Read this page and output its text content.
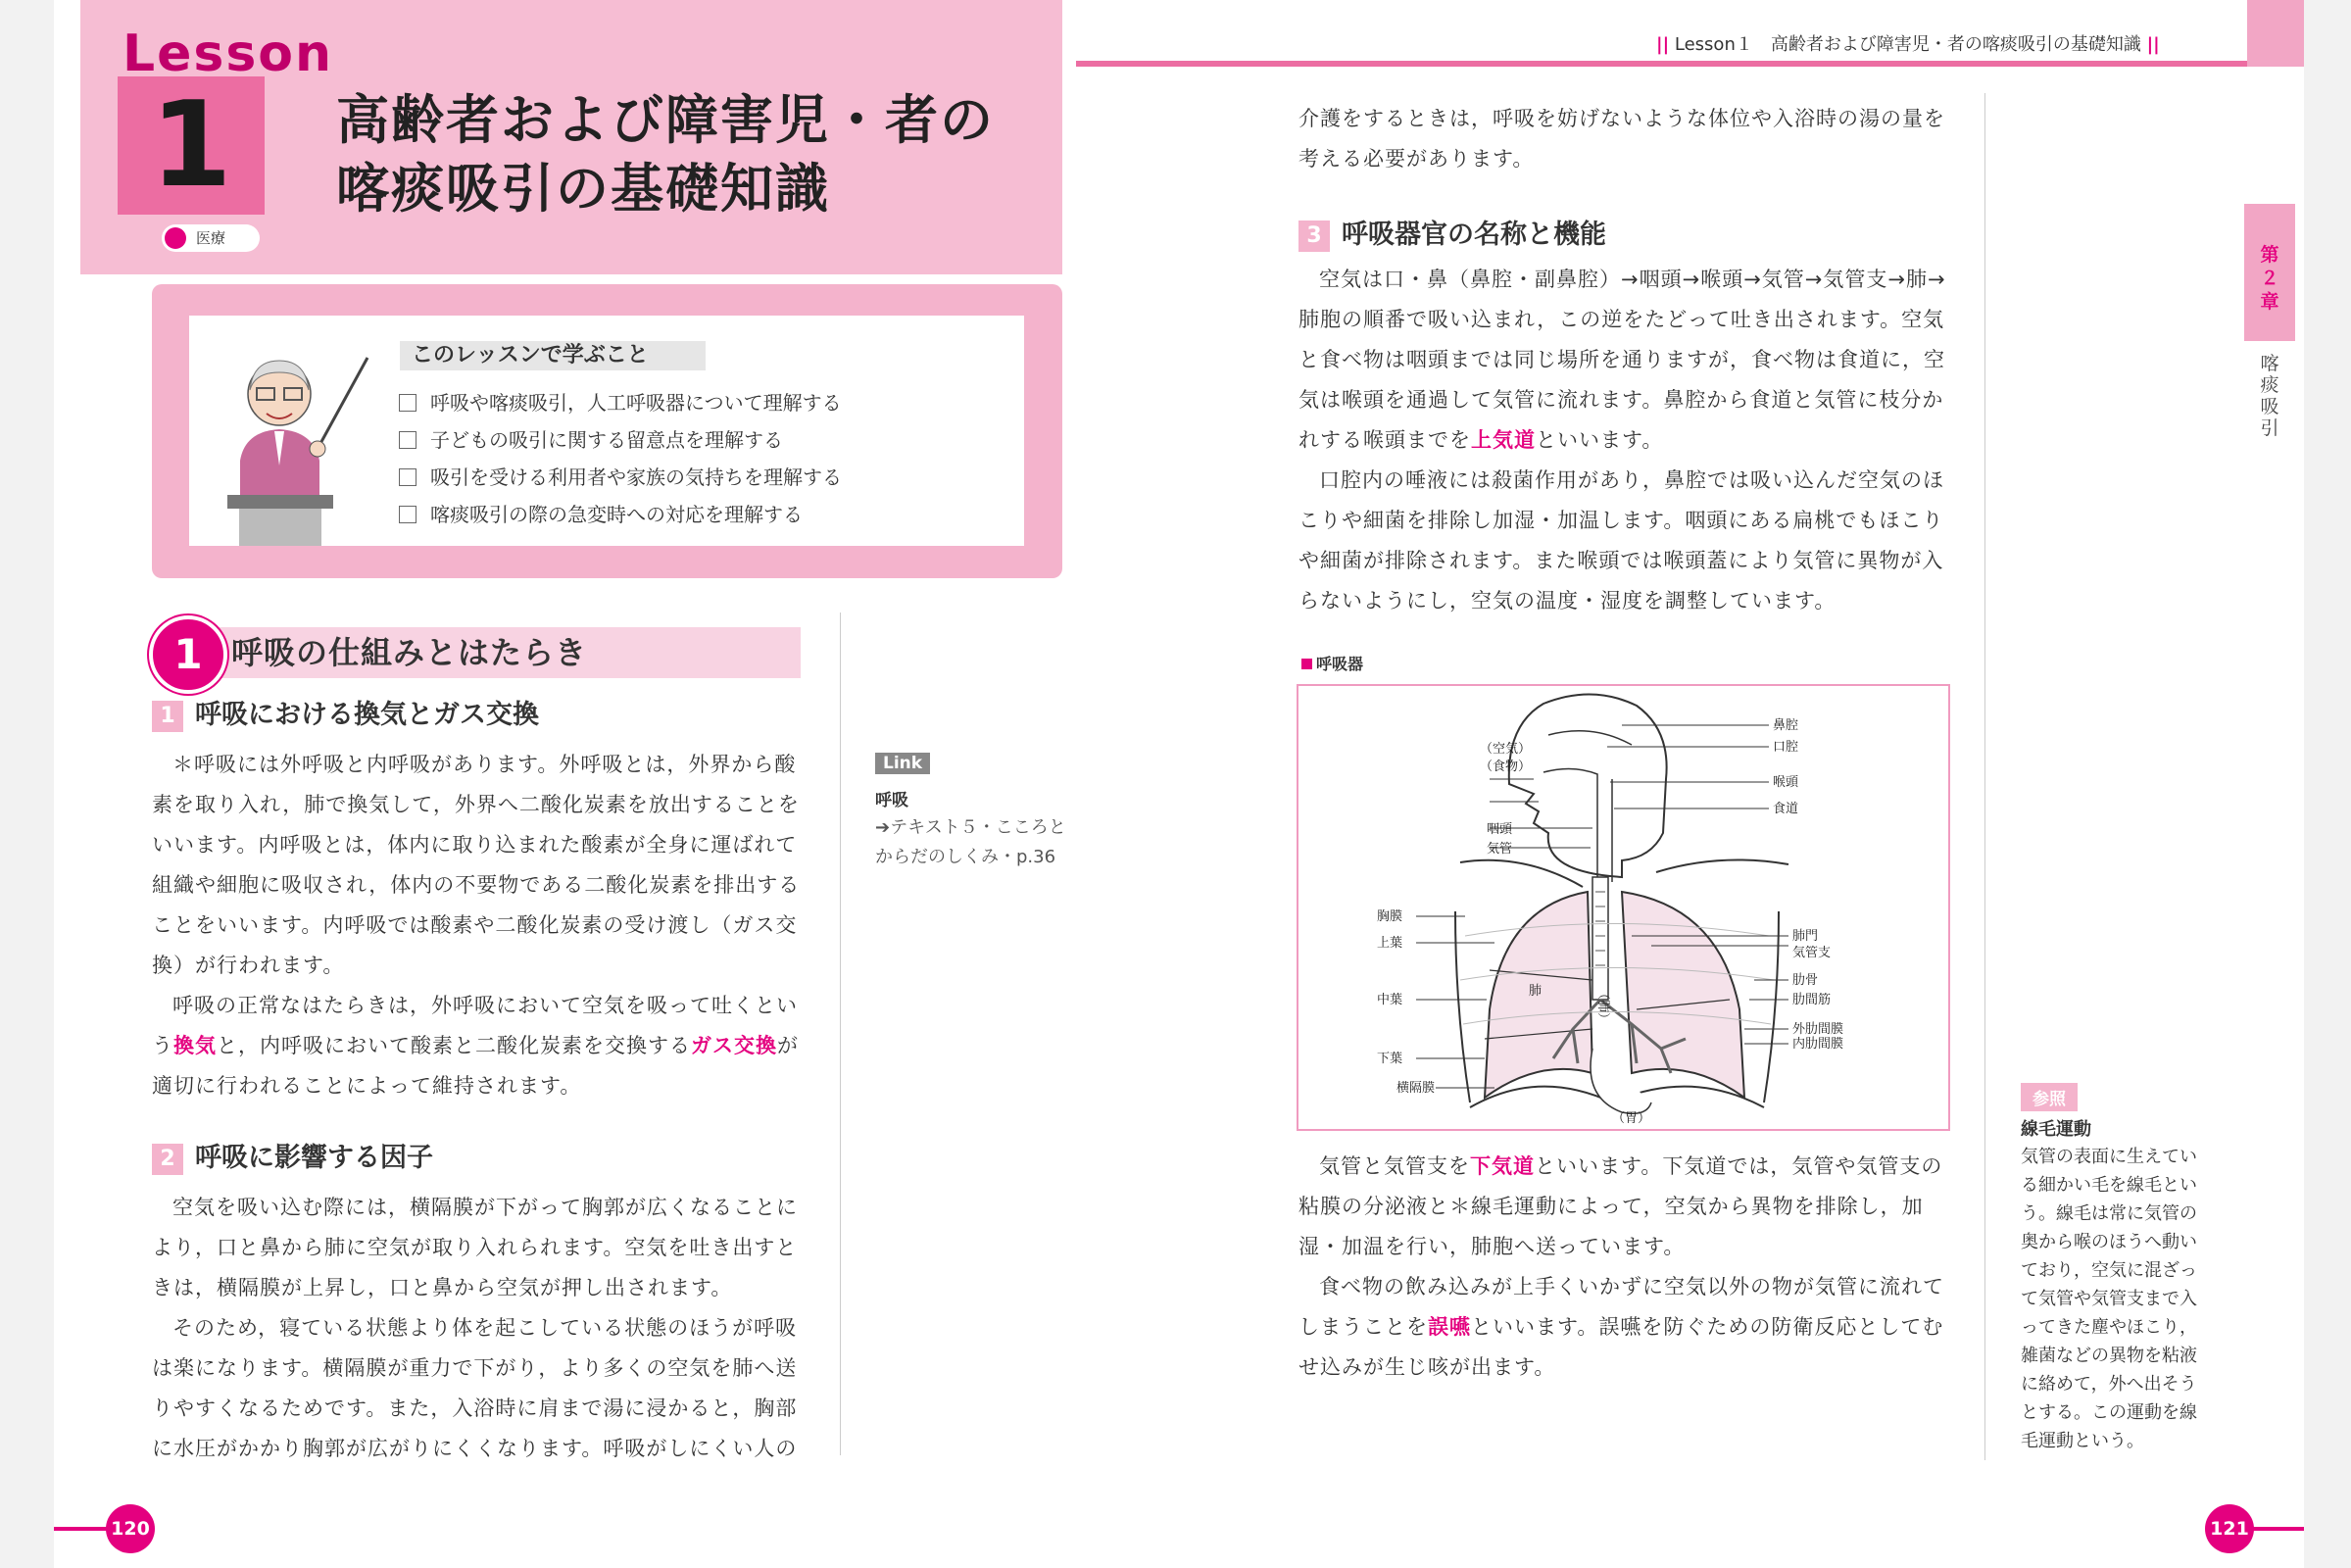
1
Lesson
高齢者および障害児・者の
喀痰吸引の基礎知識
医療
このレッスンで学ぶこと
呼吸や喀痰吸引，人工呼吸器について理解する
子どもの吸引に関する留意点を理解する
吸引を受ける利用者や家族の気持ちを理解する
喀痰吸引の際の急変時への対応を理解する
1 呼吸の仕組みとはたらき
1 呼吸における換気とガス交換

＊呼吸には外呼吸と内呼吸があります。外呼吸とは，外界から酸素を取り入れ，肺で換気して，外界へ二酸化炭素を放出することをいいます。内呼吸とは，体内に取り込まれた酸素が全身に運ばれて組織や細胞に吸収され，体内の不要物である二酸化炭素を排出することをいいます。内呼吸では酸素や二酸化炭素の受け渡し（ガス交換）が行われます。

呼吸の正常なはたらきは，外呼吸において空気を吸って吐くという換気と，内呼吸において酸素と二酸化炭素を交換するガス交換が適切に行われることによって維持されます。

2 呼吸に影響する因子

空気を吸い込む際には，横隔膜が下がって胸郭が広くなることにより，口と鼻から肺に空気が取り入れられます。空気を吐き出すときは，横隔膜が上昇し，口と鼻から空気が押し出されます。

そのため，寝ている状態より体を起こしている状態のほうが呼吸は楽になります。横隔膜が重力で下がり，より多くの空気を肺へ送りやすくなるためです。また，入浴時に肩まで湯に浸かると，胸部に水圧がかかり胸郭が広がりにくくなります。呼吸がしにくい人の

Link
呼吸
➔テキスト５・こころとからだのしくみ・p.36
120
|| Lesson１　高齢者および障害児・者の喀痰吸引の基礎知識 ||
第２章
喀痰吸引

介護をするときは，呼吸を妨げないような体位や入浴時の湯の量を考える必要があります。

3 呼吸器官の名称と機能

空気は口・鼻（鼻腔・副鼻腔）→咽頭→喉頭→気管→気管支→肺→肺胞の順番で吸い込まれ，この逆をたどって吐き出されます。空気と食べ物は咽頭までは同じ場所を通りますが，食べ物は食道に，空気は喉頭を通過して気管に流れます。鼻腔から食道と気管に枝分かれする喉頭までを上気道といいます。

口腔内の唾液には殺菌作用があり，鼻腔では吸い込んだ空気のほこりや細菌を排除し加湿・加温します。咽頭にある扁桃でもほこりや細菌が排除されます。また喉頭では喉頭蓋により気管に異物が入らないようにし，空気の温度・湿度を調整しています。

呼吸器
鼻腔
口腔
喉頭
食道
肺門
気管支
肋骨
肋間筋
外肋間膜
内肋間膜
（空気）
（食物）
咽頭
気管
胸膜
上葉
中葉
下葉
横隔膜
肺
（胃）
（肺）

気管と気管支を下気道といいます。下気道では，気管や気管支の粘膜の分泌液と＊線毛運動によって，空気から異物を排除し，加湿・加温を行い，肺胞へ送っています。

食べ物の飲み込みが上手くいかずに空気以外の物が気管に流れてしまうことを誤嚥といいます。誤嚥を防ぐための防衛反応としてむせ込みが生じ咳が出ます。

参照
線毛運動
気管の表面に生えている細かい毛を線毛という。線毛は常に気管の奥から喉のほうへ動いており，空気に混ざって気管や気管支まで入ってきた塵やほこり，雑菌などの異物を粘液に絡めて，外へ出そうとする。この運動を線毛運動という。
121
